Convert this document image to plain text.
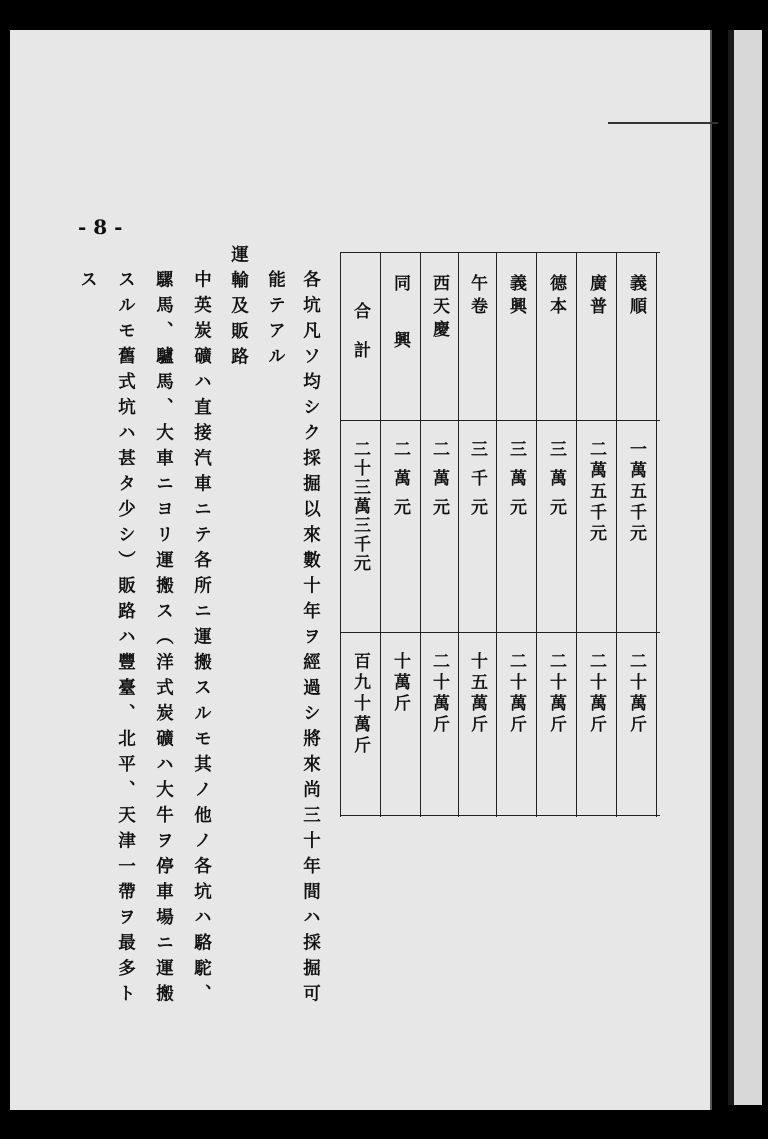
- 8 -
各坑凡ソ均シク採掘以來數十年ヲ經過シ將來尚三十年間ハ採掘可
能テアル
運輸及販路
中英炭礦ハ直接汽車ニテ各所ニ運搬スルモ其ノ他ノ各坑ハ駱駝、
騾馬、驢馬、大車ニヨリ運搬ス（洋式炭礦ハ大牛ヲ停車場ニ運搬
スルモ舊式坑ハ甚タ少シ）販路ハ豐臺、北平、天津一帶ヲ最多ト
ス	義順
一萬五千元
二十萬斤
廣普
二萬五千元
二十萬斤
德本
三萬元
二十萬斤
義興
三萬元
二十萬斤
午卷
三千元
十五萬斤
西天慶
二萬元
二十萬斤
同興
二萬元
十萬斤
合計
二十三萬三千元
百九十萬斤
